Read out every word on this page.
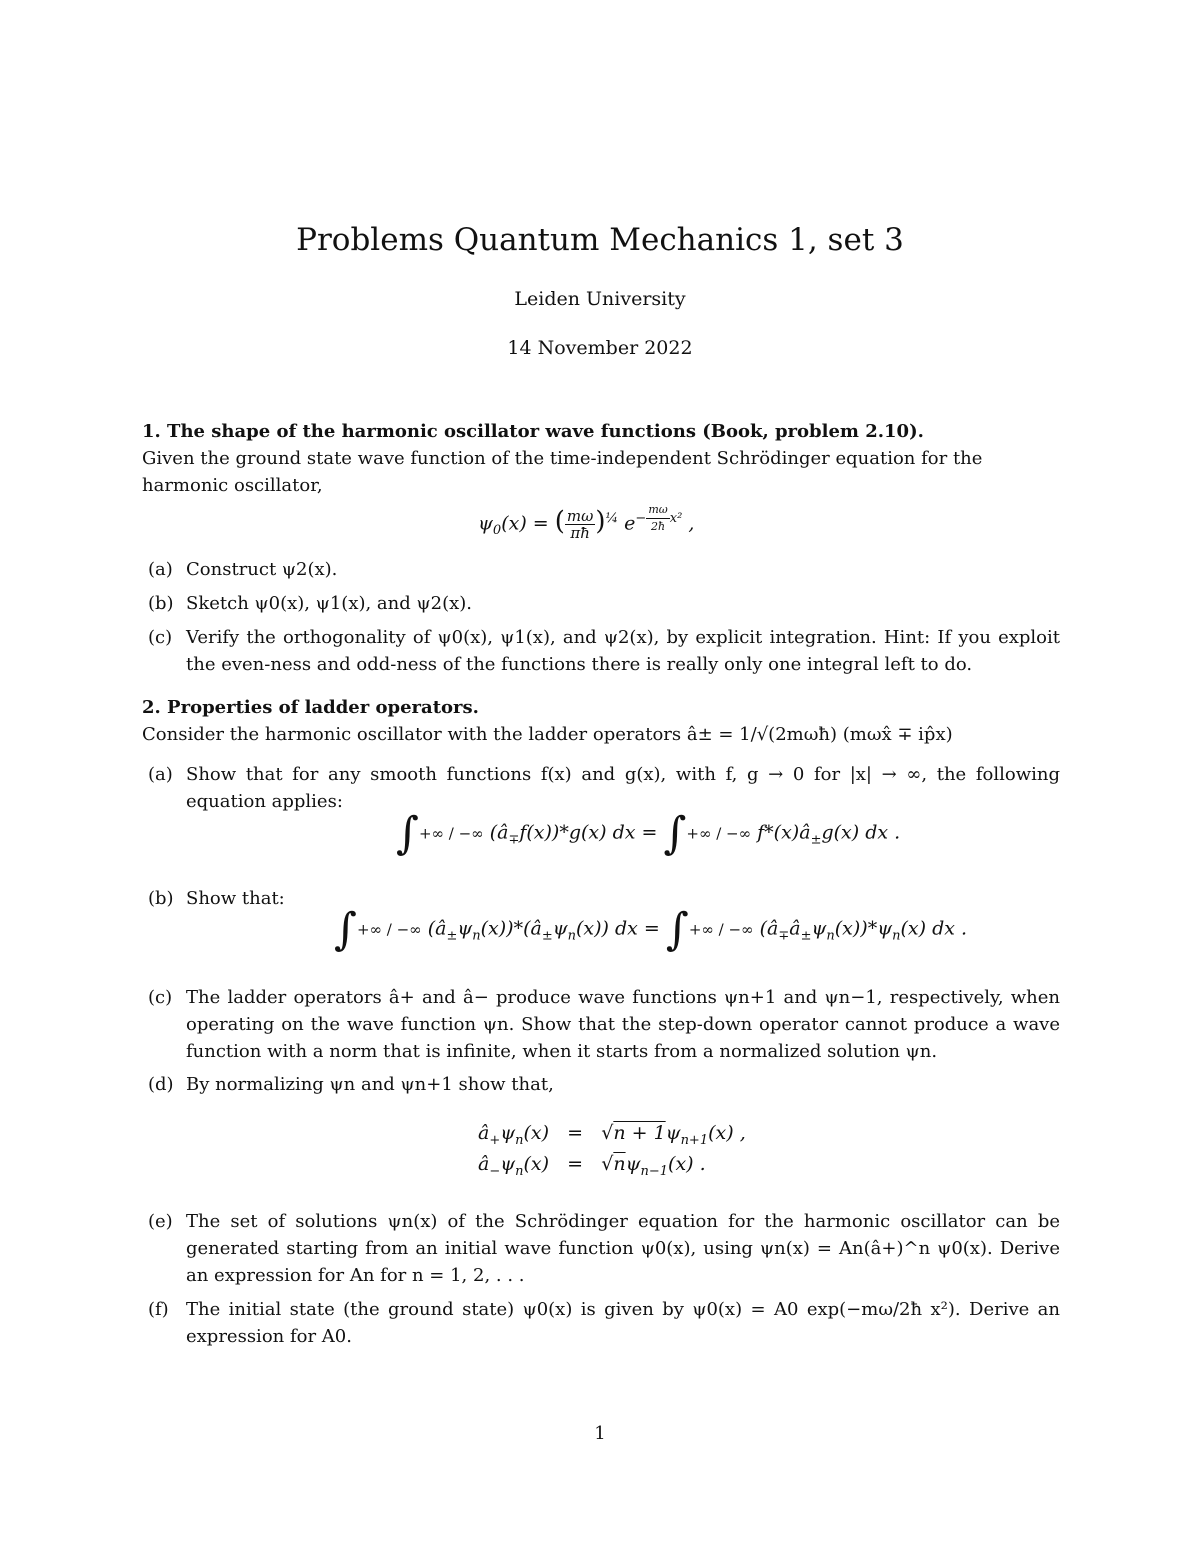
Problems Quantum Mechanics 1, set 3
Leiden University
14 November 2022
1. The shape of the harmonic oscillator wave functions (Book, problem 2.10).
Given the ground state wave function of the time-independent Schrödinger equation for the harmonic oscillator,
$\psi_0(x)$ = ( $\frac{m\omega}{\pi ħ} )^{\frac{1}{4}}$ $e^{- \frac{m\omega}{2ħ} x^2}$ ,
(a) Construct ψ2(x).
(b) Sketch ψ0(x), ψ1(x), and ψ2(x).
(c) Verify the orthogonality of ψ0(x), ψ1(x), and ψ2(x), by explicit integration. Hint: If you exploit the even-ness and odd-ness of the functions there is really only one integral left to do.
2. Properties of ladder operators.
Consider the harmonic oscillator with the ladder operators â± = 1/√(2mωħ) (mωx̂ ∓ ip̂x)
(a) Show that for any smooth functions f(x) and g(x), with f, g → 0 for |x| → ∞, the following equation applies:
∫+∞ / −∞ $(â_\mp f(x))*g(x)$ dx = ∫+∞ / −∞ $f*(x)â_\pm g(x)$ dx .
(b) Show that:
∫+∞ / −∞ $(â_\pm\psi_n(x))*(â_\pm\psi_n(x))$ dx = ∫+∞ / −∞ $(â_\mp â_\pm\psi_n(x))*\psi_n(x)$ dx .
(c) The ladder operators â+ and â− produce wave functions ψn+1 and ψn−1, respectively, when operating on the wave function ψn. Show that the step-down operator cannot produce a wave function with a norm that is infinite, when it starts from a normalized solution ψn.
(d) By normalizing ψn and ψn+1 show that,
$â_+\psi_n(x) = √n + 1\psi_{n+1}(x)$ ,
$â_-\psi_n(x) = √n\psi_{n-1}(x)$ .
(e) The set of solutions ψn(x) of the Schrödinger equation for the harmonic oscillator can be generated starting from an initial wave function ψ0(x), using ψn(x) = An(â+)^n ψ0(x). Derive an expression for An for n = 1, 2, . . .
(f) The initial state (the ground state) ψ0(x) is given by ψ0(x) = A0 exp(−mω/2ħ x²). Derive an expression for A0.
1
